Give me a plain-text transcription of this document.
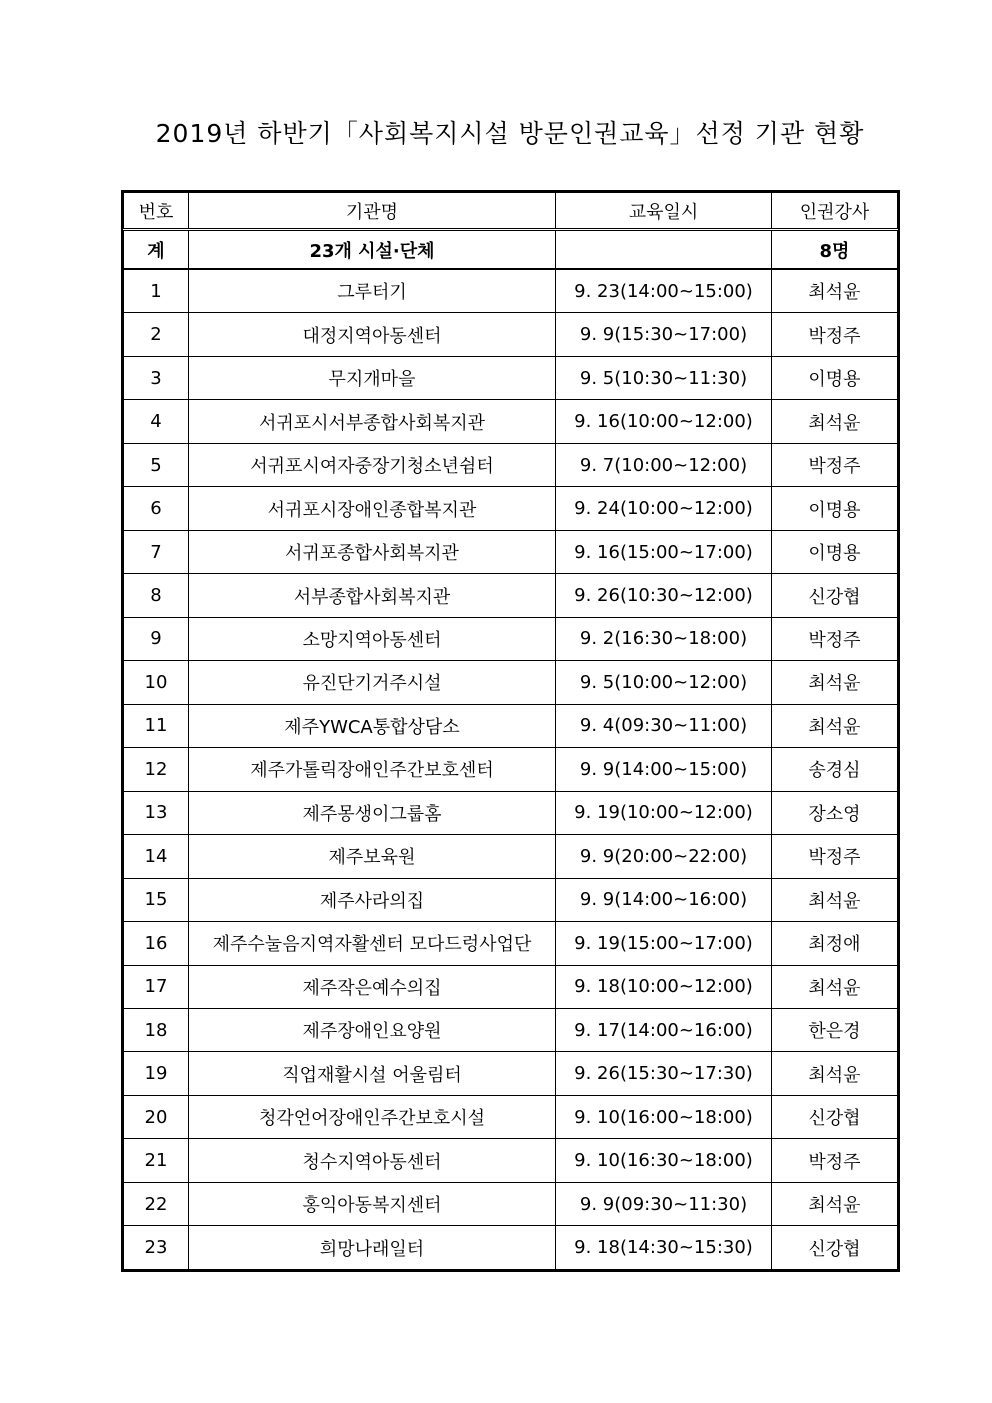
2019년 하반기「사회복지시설 방문인권교육」선정 기관 현황
번호	기관명	교육일시	인권강사
계	23개 시설·단체		8명
1	그루터기	9. 23(14:00~15:00)	최석윤
2	대정지역아동센터	9. 9(15:30~17:00)	박정주
3	무지개마을	9. 5(10:30~11:30)	이명용
4	서귀포시서부종합사회복지관	9. 16(10:00~12:00)	최석윤
5	서귀포시여자중장기청소년쉼터	9. 7(10:00~12:00)	박정주
6	서귀포시장애인종합복지관	9. 24(10:00~12:00)	이명용
7	서귀포종합사회복지관	9. 16(15:00~17:00)	이명용
8	서부종합사회복지관	9. 26(10:30~12:00)	신강협
9	소망지역아동센터	9. 2(16:30~18:00)	박정주
10	유진단기거주시설	9. 5(10:00~12:00)	최석윤
11	제주YWCA통합상담소	9. 4(09:30~11:00)	최석윤
12	제주가톨릭장애인주간보호센터	9. 9(14:00~15:00)	송경심
13	제주몽생이그룹홈	9. 19(10:00~12:00)	장소영
14	제주보육원	9. 9(20:00~22:00)	박정주
15	제주사라의집	9. 9(14:00~16:00)	최석윤
16	제주수눌음지역자활센터 모다드렁사업단	9. 19(15:00~17:00)	최정애
17	제주작은예수의집	9. 18(10:00~12:00)	최석윤
18	제주장애인요양원	9. 17(14:00~16:00)	한은경
19	직업재활시설 어울림터	9. 26(15:30~17:30)	최석윤
20	청각언어장애인주간보호시설	9. 10(16:00~18:00)	신강협
21	청수지역아동센터	9. 10(16:30~18:00)	박정주
22	홍익아동복지센터	9. 9(09:30~11:30)	최석윤
23	희망나래일터	9. 18(14:30~15:30)	신강협
